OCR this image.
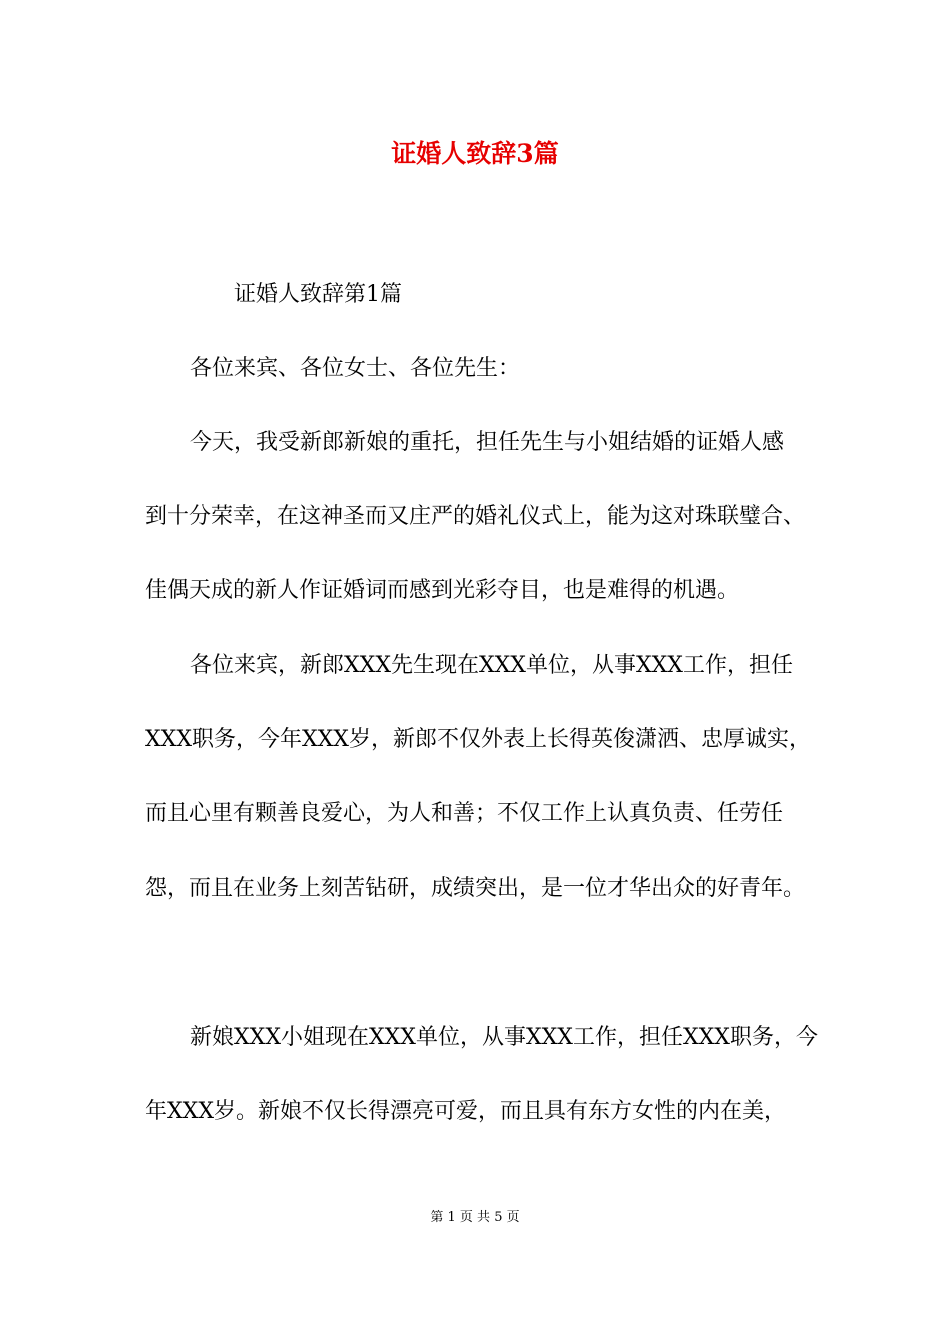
证婚人致辞3篇
证婚人致辞第1篇
各位来宾、各位女士、各位先生：
今天，我受新郎新娘的重托，担任先生与小姐结婚的证婚人感
到十分荣幸，在这神圣而又庄严的婚礼仪式上，能为这对珠联璧合、
佳偶天成的新人作证婚词而感到光彩夺目，也是难得的机遇。
各位来宾，新郎XXX先生现在XXX单位，从事XXX工作，担任
XXX职务，今年XXX岁，新郎不仅外表上长得英俊潇洒、忠厚诚实，
而且心里有颗善良爱心，为人和善；不仅工作上认真负责、任劳任
怨，而且在业务上刻苦钻研，成绩突出，是一位才华出众的好青年。
新娘XXX小姐现在XXX单位，从事XXX工作，担任XXX职务，今
年XXX岁。新娘不仅长得漂亮可爱，而且具有东方女性的内在美，
第 1 页 共 5 页
